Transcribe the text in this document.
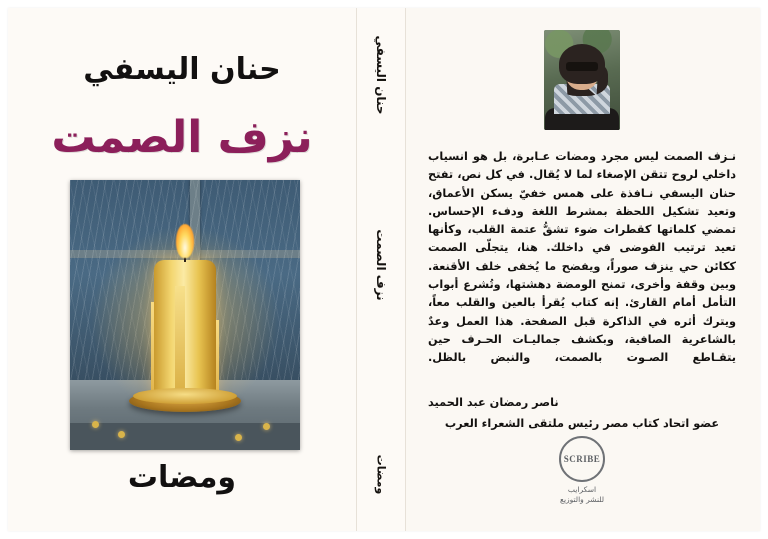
نـزف الصمت ليس مجرد ومضات عـابرة، بل هو انسياب داخلي لروح تتقن الإصغاء لما لا يُقال. في كل نص، تفتح حنان اليسفي نـافذة على همس خفيّ يسكن الأعماق، وتعيد تشكيل اللحظة بمشرط اللغة ودفء الإحساس. تمضي كلماتها كقطرات ضوء تشقُّ عتمة القلب، وكأنها تعيد ترتيب الفوضى في داخلك. هنا، يتجلّى الصمت ككائن حي ينزف صوراً، ويفضح ما يُخفى خلف الأقنعة. وبين وقفة وأخرى، تمنح الومضة دهشتها، وتُشرع أبواب التأمل أمام القارئ. إنه كتاب يُقرأ بالعين والقلب معاً، ويترك أثره في الذاكرة قبل الصفحة. هذا العمل وعدٌ بالشاعرية الصافية، وبكشف جماليـات الحـرف حين يتقـاطع الصـوت بالصمت، والنبض بالظل.
ناصر رمضان عبد الحميد
عضو اتحاد كتاب مصر رئيس ملتقى الشعراء العرب
SCRIBE
اسكرايب
للنشر والتوزيع
حنان اليسفي
نزف الصمت
ومضات
حنان اليسفي
نزف الصمت
ومضات
